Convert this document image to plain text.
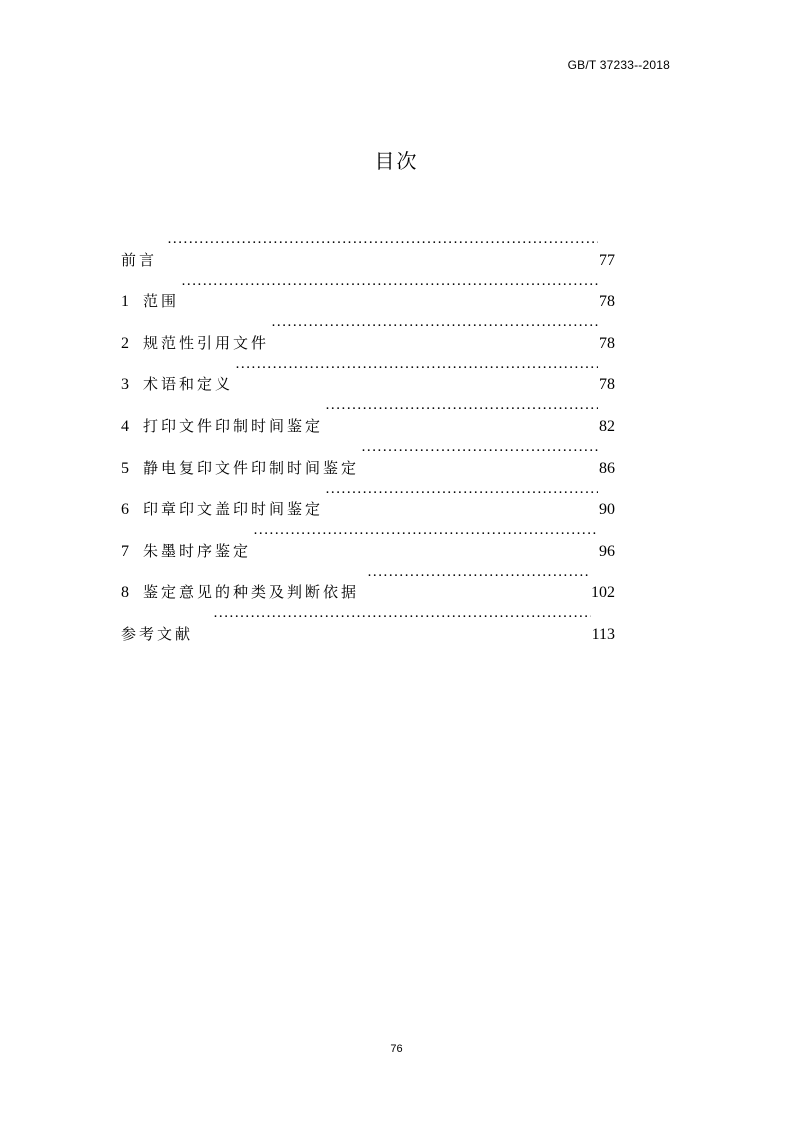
GB/T 37233--2018
目次
前言 ·····	77
1 范围 ·····	78
2 规范性引用文件 ·····	78
3 术语和定义 ·····	78
4 打印文件印制时间鉴定 ·····	82
5 静电复印文件印制时间鉴定 ·····	86
6 印章印文盖印时间鉴定 ·····	90
7 朱墨时序鉴定 ·····	96
8 鉴定意见的种类及判断依据 ·····	102
参考文献 ·····	113
76
